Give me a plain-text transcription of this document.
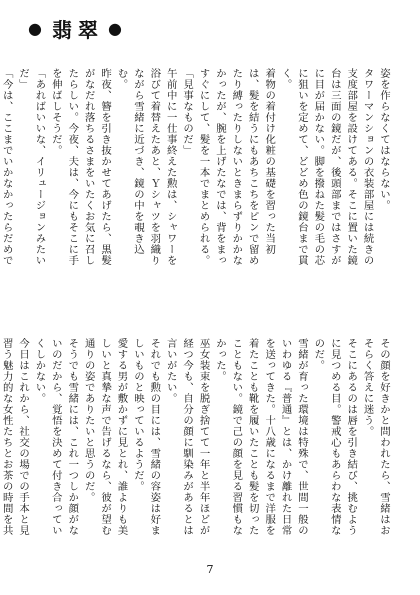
● 翡翠 ●

姿を作らなくてはならない。

タワーマンションの衣装部屋には続きの支度部屋を設けてある。そこに置いた鏡台は三面の鏡だが、後頭部まではさすがに目が届かない。脚を撥ねた髪の毛の芯に狙いを定めて、どどめ色の鏡台まで貫く。

着物の着付け化粧の基礎を習った当初は、髪を結うにもあちこちをピンで留めたり縛ったりしないときまらずりかかなかったが、腕を上げたなでは、背をまっすぐにして、髪を一本でまとめられる。

「見事なものだ」

午前中に一仕事終えた勲は、シャワーを浴びて着替えたあと、Ｙシャツを羽織りながら雪緒に近づき、鏡の中を覗き込む。

昨夜、簪を引き抜かせてあげたら、黒髪がなだれ落ちるさまをいたくお気に召したらしい。今夜、夫は、今にもそこに手を伸ばしそうだ。

「あればいいな、イリュージョンみたいだ」

「今は、ここまでいかなかったらだめで

その顔を好きかと問われたら、雪緒はおそらく答えに迷う。

そこにあるのは唇を引き結び、挑むように見つめる目。警戒心もあらわな表情なのだ。

雪緒が育った環境は特殊で、世間一般のいわゆる『普通』とは、かけ離れた日常を送ってきた。十八歳になるまで洋服を着たことも靴を履いたことも髪を切ったこともない。鏡で己の顔を見る習慣もなかった。

巫女装束を脱ぎ捨てて一年と半年ほどが経つ今も、自分の顔に馴染みがあるとは言いがたい。

それでも勲の目には、雪緒の容姿は好ましいものと映っているようだ。

愛する男が敷かずに見とれ、誰よりも美しいと真摯な声で告げるなら、彼が望む通りの姿でありたいと思うのだ。

そうでも雪緒には、これ一つしか顔がないのだから、覚悟を決めて付き合っていくしかない。

今日はこれから、社交の場での手本と見習う魅力的な女性たちとお茶の時間を共

7
